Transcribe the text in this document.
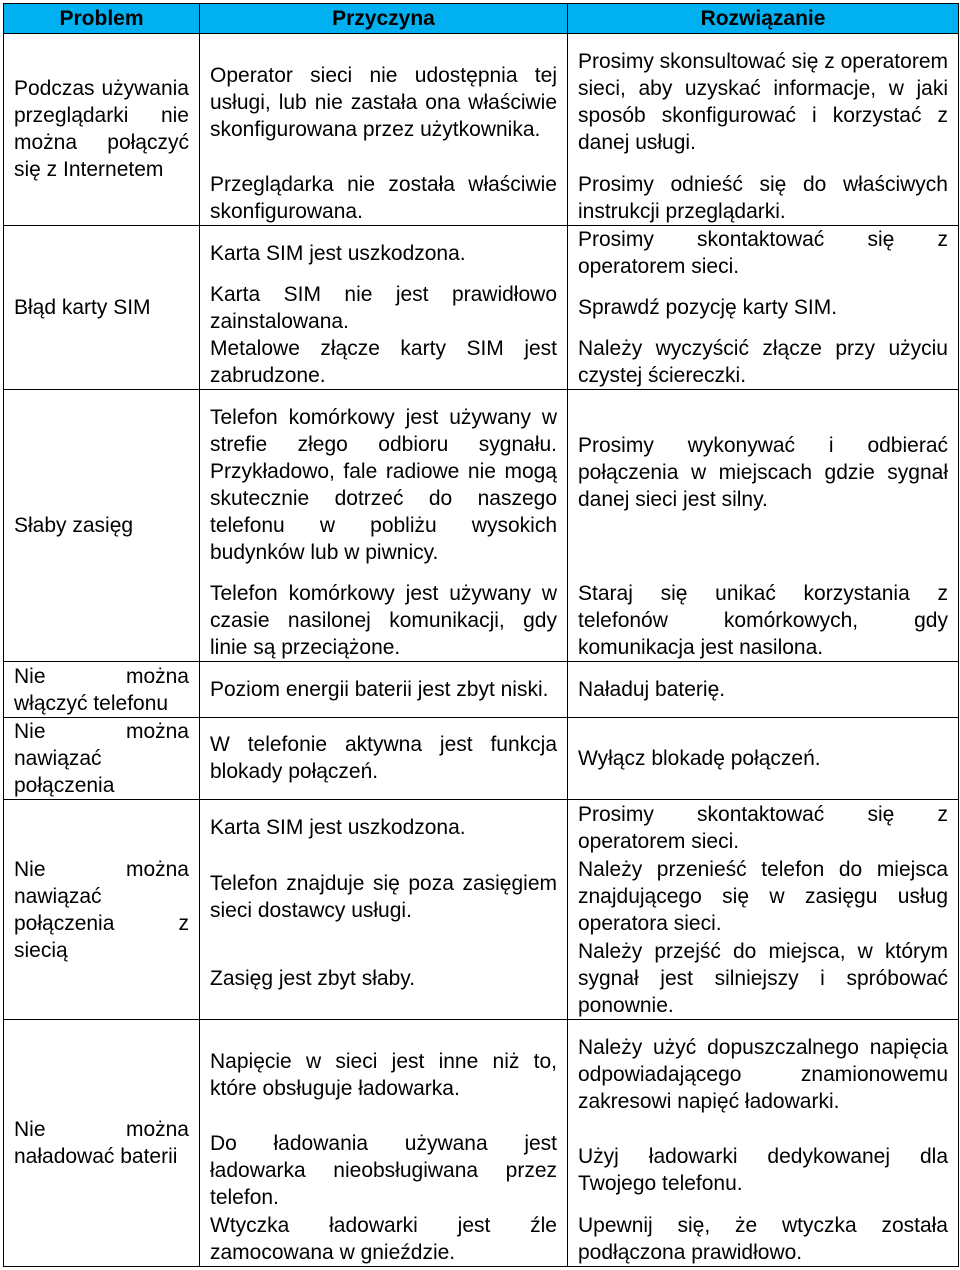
Problem	Przyczyna	Rozwiązanie
Podczas używania przeglądarki nie można połączyć się z Internetem	Operator sieci nie udostępnia tej usługi, lub nie zastała ona właściwie skonfigurowana przez użytkownika.	Prosimy skonsultować się z operatorem sieci, aby uzyskać informacje, w jaki sposób skonfigurować i korzystać z danej usługi.
	Przeglądarka nie została właściwie skonfigurowana.	Prosimy odnieść się do właściwych instrukcji przeglądarki.
Błąd karty SIM	Karta SIM jest uszkodzona.	Prosimy skontaktować się z operatorem sieci.
	Karta SIM nie jest prawidłowo zainstalowana.	Sprawdź pozycję karty SIM.
	Metalowe złącze karty SIM jest zabrudzone.	Należy wyczyścić złącze przy użyciu czystej ściereczki.
Słaby zasięg	Telefon komórkowy jest używany w strefie złego odbioru sygnału. Przykładowo, fale radiowe nie mogą skutecznie dotrzeć do naszego telefonu w pobliżu wysokich budynków lub w piwnicy.	Prosimy wykonywać i odbierać połączenia w miejscach gdzie sygnał danej sieci jest silny.
	Telefon komórkowy jest używany w czasie nasilonej komunikacji, gdy linie są przeciążone.	Staraj się unikać korzystania z telefonów komórkowych, gdy komunikacja jest nasilona.
Nie można włączyć telefonu	Poziom energii baterii jest zbyt niski.	Naładuj baterię.
Nie można nawiązać połączenia	W telefonie aktywna jest funkcja blokady połączeń.	Wyłącz blokadę połączeń.
Nie można nawiązać połączenia z siecią	Karta SIM jest uszkodzona.	Prosimy skontaktować się z operatorem sieci.
	Telefon znajduje się poza zasięgiem sieci dostawcy usługi.	Należy przenieść telefon do miejsca znajdującego się w zasięgu usług operatora sieci.
	Zasięg jest zbyt słaby.	Należy przejść do miejsca, w którym sygnał jest silniejszy i spróbować ponownie.
Nie można naładować baterii	Napięcie w sieci jest inne niż to, które obsługuje ładowarka.	Należy użyć dopuszczalnego napięcia odpowiadającego znamionowemu zakresowi napięć ładowarki.
	Do ładowania używana jest ładowarka nieobsługiwana przez telefon.	Użyj ładowarki dedykowanej dla Twojego telefonu.
	Wtyczka ładowarki jest źle zamocowana w gnieździe.	Upewnij się, że wtyczka została podłączona prawidłowo.
